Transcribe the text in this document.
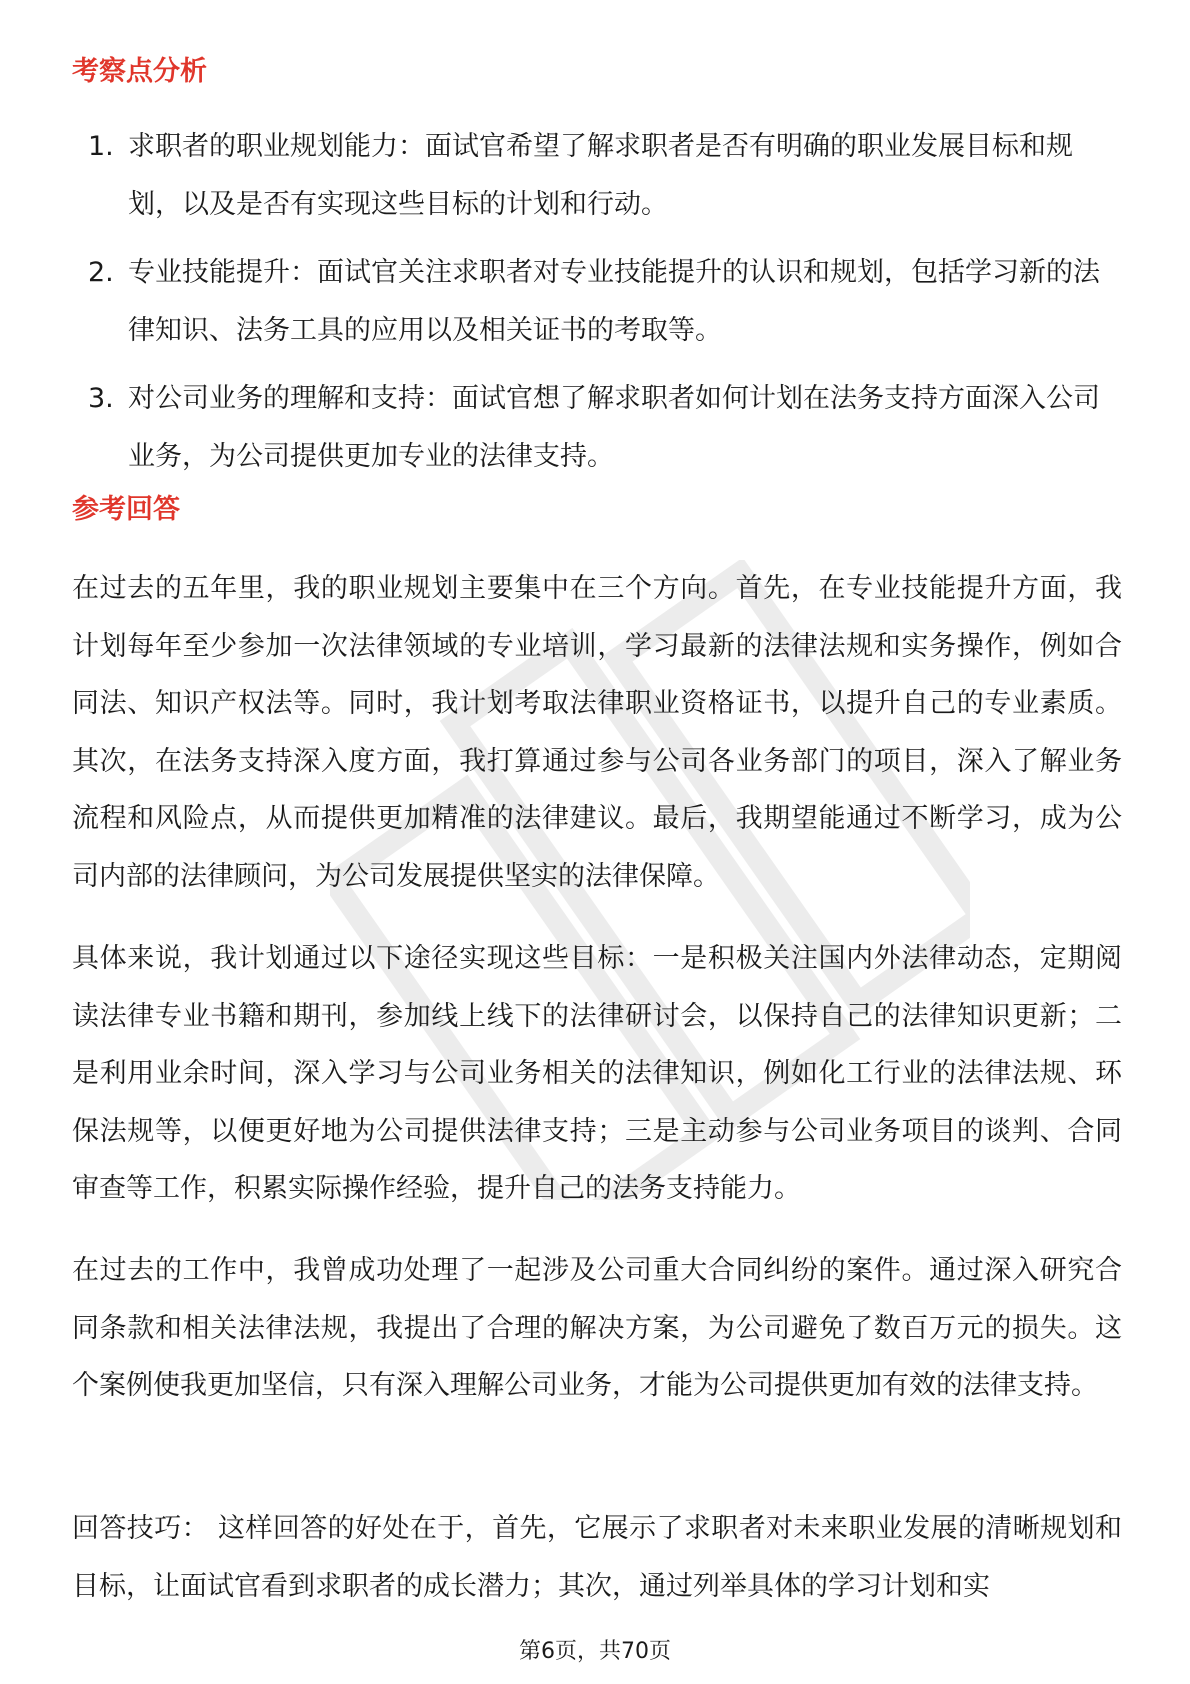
考察点分析
1. 求职者的职业规划能力：面试官希望了解求职者是否有明确的职业发展目标和规划，以及是否有实现这些目标的计划和行动。
2. 专业技能提升：面试官关注求职者对专业技能提升的认识和规划，包括学习新的法律知识、法务工具的应用以及相关证书的考取等。
3. 对公司业务的理解和支持：面试官想了解求职者如何计划在法务支持方面深入公司业务，为公司提供更加专业的法律支持。
参考回答

在过去的五年里，我的职业规划主要集中在三个方向。首先，在专业技能提升方面，我计划每年至少参加一次法律领域的专业培训，学习最新的法律法规和实务操作，例如合同法、知识产权法等。同时，我计划考取法律职业资格证书，以提升自己的专业素质。其次，在法务支持深入度方面，我打算通过参与公司各业务部门的项目，深入了解业务流程和风险点，从而提供更加精准的法律建议。最后，我期望能通过不断学习，成为公司内部的法律顾问，为公司发展提供坚实的法律保障。

具体来说，我计划通过以下途径实现这些目标：一是积极关注国内外法律动态，定期阅读法律专业书籍和期刊，参加线上线下的法律研讨会，以保持自己的法律知识更新；二是利用业余时间，深入学习与公司业务相关的法律知识，例如化工行业的法律法规、环保法规等，以便更好地为公司提供法律支持；三是主动参与公司业务项目的谈判、合同审查等工作，积累实际操作经验，提升自己的法务支持能力。

在过去的工作中，我曾成功处理了一起涉及公司重大合同纠纷的案件。通过深入研究合同条款和相关法律法规，我提出了合理的解决方案，为公司避免了数百万元的损失。这个案例使我更加坚信，只有深入理解公司业务，才能为公司提供更加有效的法律支持。

回答技巧： 这样回答的好处在于，首先，它展示了求职者对未来职业发展的清晰规划和目标，让面试官看到求职者的成长潜力；其次，通过列举具体的学习计划和实

第6页，共70页
